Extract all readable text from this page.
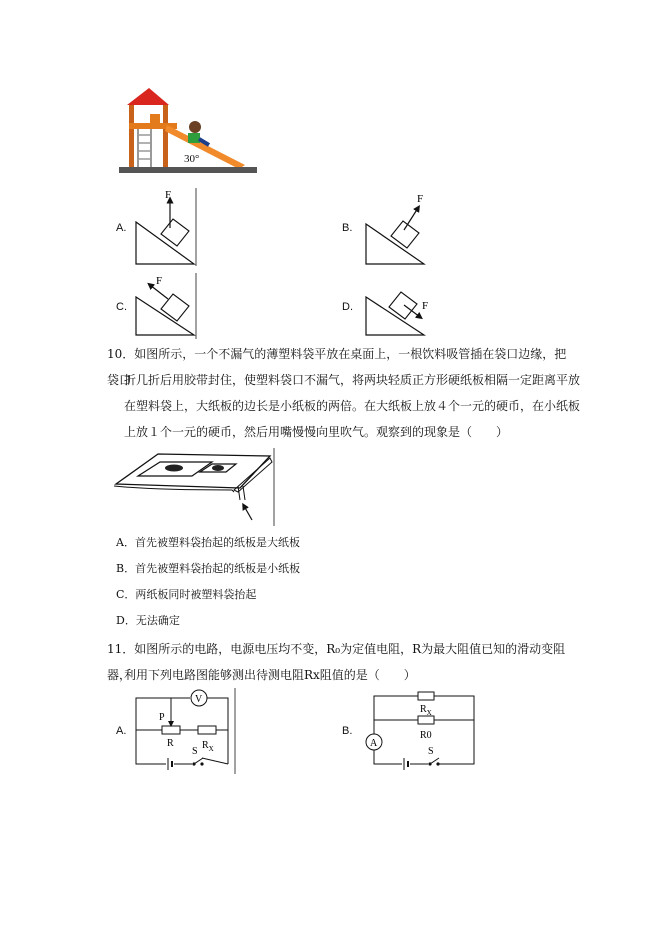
30°
A.	B.
C.	D.
F	F
F
F
10．如图所示，一个不漏气的薄塑料袋平放在桌面上，一根饮料吸管插在袋口边缘，把袋口
折几折后用胶带封住，使塑料袋口不漏气，将两块轻质正方形硬纸板相隔一定距离平放
在塑料袋上，大纸板的边长是小纸板的两倍。在大纸板上放４个一元的硬币，在小纸板
上放１个一元的硬币，然后用嘴慢慢向里吹气。观察到的现象是（　　）
A．首先被塑料袋抬起的纸板是大纸板
B．首先被塑料袋抬起的纸板是小纸板
C．两纸板同时被塑料袋抬起
D．无法确定
11．如图所示的电路，电源电压均不变，R₀为定值电阻，R为最大阻值已知的滑动变阻器，
利用下列电路图能够测出待测电阻Rx阻值的是（　　）
A.
S
V
P
R	$R_X$
B.
$R_X$
R0
A
S
